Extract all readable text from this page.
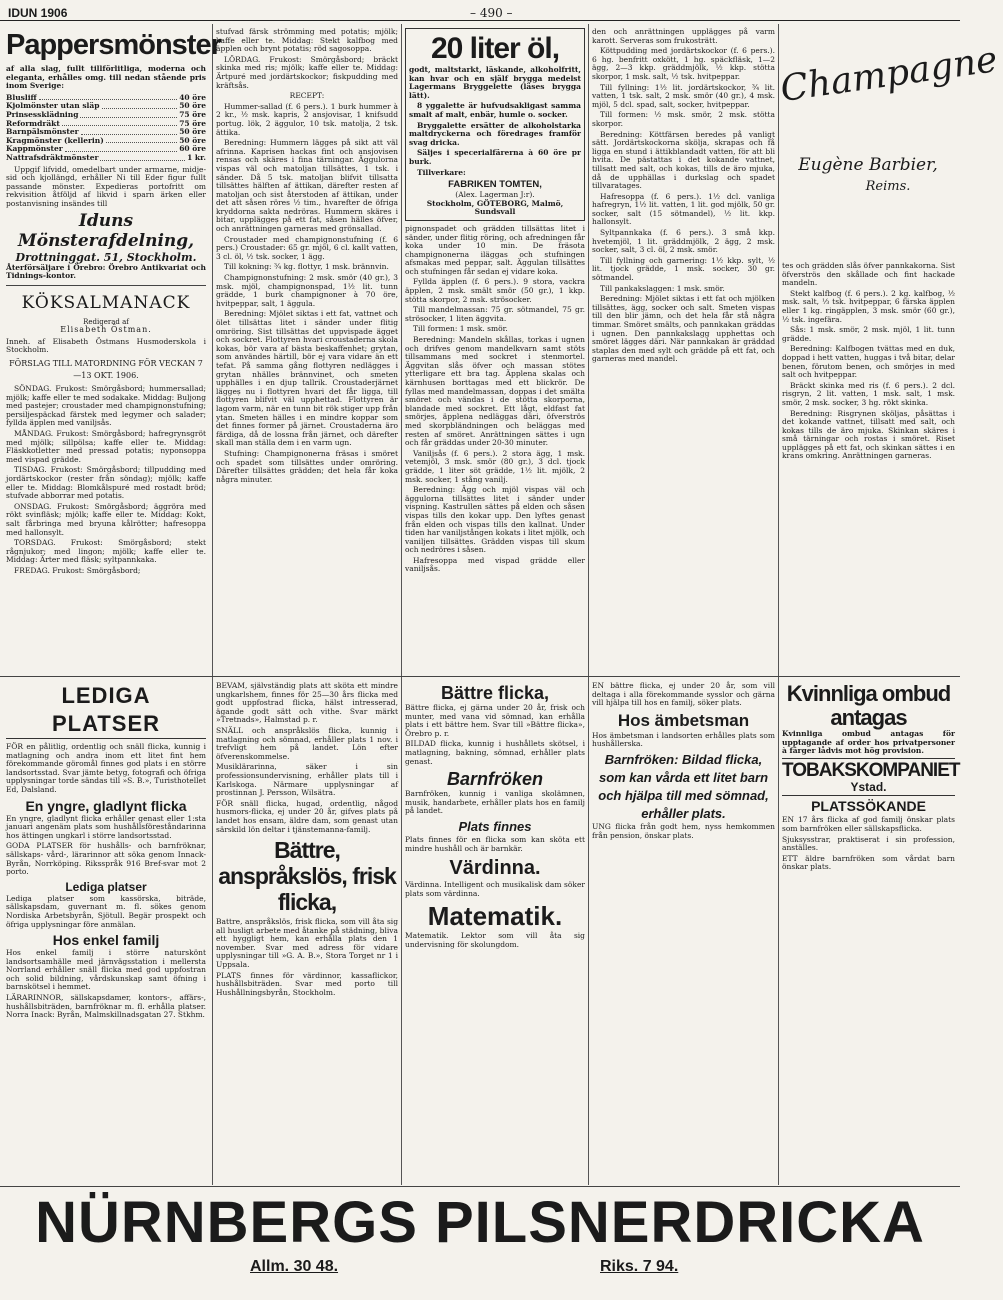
IDUN 1906	– 490 –
Pappersmönster

af alla slag, fullt tillförlitliga, moderna och eleganta, erhålles omg. till nedan stående pris inom Sverige:

Blusliff	40 öre
Kjolmönster utan släp	50 öre
Prinsessklädning	75 öre
Reformdräkt	75 öre
Barnpälsmönster	50 öre
Kragmönster (kellerin)	50 öre
Kappmönster	60 öre
Nattrafsdräktmönster	1 kr.

Uppgif lifvidd, omedelbart under armarne, midje- sid och kjollängd, erhåller Ni till Eder figur fullt passande mönster. Expedieras portofritt om rekvisition åtföljd af likvid i sparn ärken eller postanvisning insändes till

Iduns Mönsterafdelning,
Drottninggat. 51, Stockholm.

Återförsäljare i Örebro: Örebro Antikvariat och Tidnings-kontor.

KÖKSALMANACK
Redigerad af
Elisabeth Östman.

Inneh. af Elisabeth Östmans Husmoderskola i Stockholm.

FÖRSLAG TILL MATORDNING FÖR VECKAN 7—13 OKT. 1906.

SÖNDAG. Frukost: Smörgåsbord; hummersallad; mjölk; kaffe eller te med sodakake. Middag: Buljong med pastejer; croustader med champignonstufning; persiljespäckad färstek med legymer och salader; fyllda äpplen med vaniljsås.

MÅNDAG. Frukost: Smörgåsbord; hafregrynsgröt med mjölk; sillpölsa; kaffe eller te. Middag: Fläskkotletter med pressad potatis; nyponsoppa med vispad grädde.

TISDAG. Frukost: Smörgåsbord; tillpudding med jordärtskockor (rester från söndag); mjölk; kaffe eller te. Middag: Blomkålspuré med rostadt bröd; stufvade abborrar med potatis.

ONSDAG. Frukost: Smörgåsbord; äggröra med rökt svinfläsk; mjölk; kaffe eller te. Middag: Kokt, salt fårbringa med bryuna kålrötter; hafresoppa med hallonsylt.

TORSDAG. Frukost: Smörgåsbord; stekt rågnjukor; med lingon; mjölk; kaffe eller te. Middag: Ärter med fläsk; syltpannkaka.

FREDAG. Frukost: Smörgåsbord;

stufvad färsk strömming med potatis; mjölk; kaffe eller te. Middag: Stekt kalfbog med äpplen och brynt potatis; röd sagosoppa.

LÖRDAG. Frukost: Smörgåsbord; bräckt skinka med ris; mjölk; kaffe eller te. Middag: Ärtpuré med jordärtskockor; fiskpudding med kräftsås.

RECEPT:

Hummer-sallad (f. 6 pers.). 1 burk hummer à 2 kr., ½ msk. kapris, 2 ansjovisar, 1 knifsudd portug. lök, 2 äggulor, 10 tsk. matolja, 2 tsk. ättika.

Beredning: Hummern lägges på sikt att väl afrinna. Kaprisen hackas fint och ansjovisen rensas och skäres i fina tärningar. Äggulorna vispas väl och matoljan tillsättes, 1 tsk. i sänder. Då 5 tsk. matoljan blifvit tillsatta tillsättes hälften af ättikan, därefter resten af matoljan och sist återstoden af ättikan, under det att såsen röres ½ tim., hvarefter de öfriga kryddorna sakta nedröras. Hummern skäres i bitar, uppläggeș på ett fat, såsen hälles öfver, och anrättningen garneras med grönsallad.

Croustader med champignonstufning (f. 6 pers.) Croustader: 65 gr. mjöl, 6 cl. kallt vatten, 3 cl. öl, ½ tsk. socker, 1 ägg.

Till kokning: ¾ kg. flottyr, 1 msk. brännvin.

Champignonstufning: 2 msk. smör (40 gr.), 3 msk. mjöl, champignonspad, 1½ lit. tunn grädde, 1 burk champignoner à 70 öre, hvitpeppar, salt, 1 äggula.

Beredning: Mjölet siktas i ett fat, vattnet och ölet tillsättas litet i sänder under flitig omröring. Sist tillsättas det uppvispade ägget och sockret. Flottyren hvari croustaderna skola kokas, bör vara af bästa beskaffenhet; grytan, som användes härtill, bör ej vara vidare än ett tefat. På samma gång flottyren nedlägges i grytan nhälles brännvinet, och smeten upphälles i en djup tallrik. Croustaderjärnet läggeș nu i flottyren hvari det får ligga, till flottyren blifvit väl upphettad. Flottyren är lagom varm, när en tunn bit rök stiger upp från ytan. Smeten hälles i en mindre koppar som det finnes former på järnet. Croustaderna äro färdiga, då de lossna från järnet, och därefter skall man ställa dem i en varm ugn.

Stufning: Champignonerna fräsas i smöret och spadet som tillsättes under omröring. Därefter tillsättes grädden; det hela får koka några minuter.

20 liter öl,

godt, maltstarkt, läskande, alkoholfritt, kan hvar och en själf brygga medelst Lagermans Bryggelette (läses brygga lätt).

8 yggalette är hufvudsakligast samma smalt af malt, enbär, humle o. socker.

Bryggalette ersätter de alkoholstarka maltdryckerna och föredrages framför svag dricka.

Säljes i specerialfärerna à 60 öre pr burk.

Tillverkare:

FABRIKEN TOMTEN,
(Alex. Lagerman J:r).
Stockholm, GÖTEBORG, Malmö, Sundsvall

pignonspadet och grädden tillsättas litet i sänder, under flitig röring, och afredningen får koka under 10 min. De fräsota champignonerna iläggas och stufningen afsmakas med peppar, salt. Äggulan tillsättes och stufningen får sedan ej vidare koka.

Fyllda äpplen (f. 6 pers.). 9 stora, vackra äpplen, 2 msk. smält smör (50 gr.), 1 kkp. stötta skorpor, 2 msk. strösocker.

Till mandelmassan: 75 gr. sötmandel, 75 gr. strösocker, 1 liten äggvita.

Till formen: 1 msk. smör.

Beredning: Mandeln skållas, torkas i ugnen och drifves genom mandelkvarn samt stöts tillsammans med sockret i stenmortel. Äggvitan slås öfver och massan stötes ytterligare ett bra tag. Äpplena skalas och kärnhusen borttagas med ett blickrör. De fyllas med mandelmassan, doppas i det smälta smöret och vändas i de stötta skorporna, blandade med sockret. Ett lågt, eldfast fat smörjes, äpplena nedläggas däri, öfverströs med skorpbländningen och beläggas med resten af smöret. Anrättningen sättes i ugn och får gräddas under 20-30 minuter.

Vaniljsås (f. 6 pers.). 2 stora ägg, 1 msk. vetemjöl, 3 msk. smör (80 gr.), 3 dcl. tjock grädde, 1 liter söt grädde, 1½ lit. mjölk, 2 msk. socker, 1 stång vanilj.

Beredning: Ägg och mjöl vispas väl och äggulorna tillsättes litet i sänder under vispning. Kastrullen sättes på elden och såsen vispas tills den kokar upp. Den lyftes genast från elden och vispas tills den kallnat. Under tiden har vaniljstången kokats i litet mjölk, och vaniljen tillsättes. Grädden vispas till skum och nedröres i såsen.

Hafresoppa med vispad grädde eller vaniljsås.

den och anrättningen upplägges på varm karott. Serveras som frukosträtt.

Köttpudding med jordärtskockor (f. 6 pers.). 6 hg. benfritt oxkött, 1 hg. späckfläsk, 1—2 ägg, 2—3 kkp. gräddmjölk, ½ kkp. stötta skorpor, 1 msk. salt, ½ tsk. hvitpeppar.

Till fyllning: 1½ lit. jordärtskockor, ¾ lit. vatten, 1 tsk. salt, 2 msk. smör (40 gr.), 4 msk. mjöl, 5 dcl. spad, salt, socker, hvitpeppar.

Till formen: ½ msk. smör, 2 msk. stötta skorpor.

Beredning: Köttfärsen beredes på vanligt sätt. Jordärtskockorna skölja, skrapas och få ligga en stund i ättikblandadt vatten, för att bli hvita. De pästattas i det kokande vattnet, tillsatt med salt, och kokas, tills de äro mjuka, då de upphällas i durkslag och spadet tillvaratages.

Hafresoppa (f. 6 pers.). 1½ dcl. vanliga hafregryn, 1½ lit. vatten, 1 lit. god mjölk, 50 gr. socker, salt (15 sötmandel), ½ lit. kkp. hallonsylt.

Syltpannkaka (f. 6 pers.). 3 små kkp. hvetemjöl, 1 lit. gräddmjölk, 2 ägg, 2 msk. socker, salt, 3 cl. öl, 2 msk. smör.

Till fyllning och garnering: 1½ kkp. sylt, ½ lit. tjock grädde, 1 msk. socker, 30 gr. sötmandel.

Till pankakslaggen: 1 msk. smör.

Beredning: Mjölet siktas i ett fat och mjölken tillsättes, ägg, socker och salt. Smeten vispas till den blir jämn, och det hela får stå några timmar. Smöret smälts, och pannkakan gräddas i ugnen. Den pannkakslagg upphettas och smöret lägges däri. När pannkakan är gräddad staplas den med sylt och grädde på ett fat, och garneras med mandel.

Champagne
Eugène Barbier,
Reims.

tes och grädden slås öfver pannkakorna. Sist öfverströs den skållade och fint hackade mandeln.

Stekt kalfbog (f. 6 pers.). 2 kg. kalfbog, ½ msk. salt, ⅓ tsk. hvitpeppar, 6 färska äpplen eller 1 kg. ringäpplen, 3 msk. smör (60 gr.), ½ tsk. ingefära.

Sås: 1 msk. smör, 2 msk. mjöl, 1 lit. tunn grädde.

Beredning: Kalfbogen tvättas med en duk, doppad i hett vatten, huggas i två bitar, delar benen, förutom benen, och smörjes in med salt och hvitpeppar.

Bräckt skinka med ris (f. 6 pers.). 2 dcl. risgryn, 2 lit. vatten, 1 msk. salt, 1 msk. smör, 2 msk. socker, 3 hg. rökt skinka.

Beredning: Risgrynen sköljas, påsättas i det kokande vattnet, tillsatt med salt, och kokas tills de äro mjuka. Skinkan skäres i små tärningar och rostas i smöret. Riset upplägges på ett fat, och skinkan sättes i en krans omkring. Anrättningen garneras.

LEDIGA PLATSER

FÖR en pålitlig, ordentlig och snäll flicka, kunnig i matlagning och andra inom ett litet fint hem förekommande göromål finnes god plats i en större landsortsstad. Svar jämte betyg, fotografi och öfriga upplysningar torde sändas till »S. B.», Turisthotellet Ed, Dalsland.

En yngre, gladlynt flicka

En yngre, gladlynt flicka erhåller genast eller 1:sta januari angenäm plats som hushållsföreståndarinna hos ättingen ungkarl i större landsortsstad.

GODA PLATSER för hushålls- och barnfröknar, sällskaps- vård-, lärarinnor att söka genom Innack-Byrån, Norrköping. Riksspråk 916 Bref-svar mot 2 porto.

Lediga platser

Lediga platser som kassörska, biträde, sällskapsdam, guvernant m. fl. sökes genom Nordiska Arbetsbyrån, Sjötull. Begär prospekt och öfriga upplysningar före anmälan.

Hos enkel familj

Hos enkel familj i större naturskönt landsortsamhälle med järnvägsstation i mellersta Norrland erhåller snäll flicka med god uppfostran och solid bildning, vårdskunskap samt öfning i barnskötsel i hemmet.

LÄRARINNOR, sällskapsdamer, kontors-, affärs-, hushållsbiträden, barnfröknar m. fl. erhålla platser. Norra Inack: Byrån, Malmskillnadsgatan 27. Stkhm.

BEVAM, självständig plats att sköta ett mindre ungkarlshem, finnes för 25—30 års flicka med godt uppfostrad flicka, hälst intresserad, ägande godt sätt och vithe. Svar märkt »Tretnads», Halmstad p. r.

SNÄLL och anspråkslös flicka, kunnig i matlagning och sömnad, erhåller plats 1 nov. i trefvligt hem på landet. Lön efter öfverenskommelse.

Musiklärarinna, säker i sin professionsundervisning, erhåller plats till i Karlskoga. Närmare upplysningar af prostinnan J. Persson, Wilsätra.

FÖR snäll flicka, hugad, ordentlig, någod husmors-flicka, ej under 20 år, gifves plats på landet hos ensam, äldre dam, som genast utan särskild lön deltar i tjänstemanna-familj.

Bättre, anspråkslös, frisk flicka,

Battre, anspråkslös, frisk flicka, som vill åta sig all husligt arbete med åtanke på städning, bliva ett hyggligt hem, kan erhålla plats den 1 november. Svar med adress för vidare upplysningar till »G. A. B.», Stora Torget nr 1 i Uppsala.

PLATS finnes för värdinnor, kassaflickor, hushållsbiträden. Svar med porto till Hushållningsbyrån, Stockholm.

Bättre flicka,

Bättre flicka, ej gärna under 20 år, frisk och munter, med vana vid sömnad, kan erhålla plats i ett bättre hem. Svar till »Bättre flicka», Örebro p. r.

BILDAD flicka, kunnig i hushållets skötsel, i matlagning, bakning, sömnad, erhåller plats genast.

Barnfröken

Barnfröken, kunnig i vanliga skolämnen, musik, handarbete, erhåller plats hos en familj på landet.

Plats finnes

Plats finnes för en flicka som kan sköta ett mindre hushåll och är barnkär.

Värdinna.

Värdinna. Intelligent och musikalisk dam söker plats som värdinna.

Matematik.

Matematik. Lektor som vill åta sig undervisning för skolungdom.

EN bättre flicka, ej under 20 år, som vill deltaga i alla förekommande sysslor och gärna vill hjälpa till hos en familj, söker plats.

Hos ämbetsman

Hos ämbetsman i landsorten erhålles plats som hushållerska.

Barnfröken: Bildad flicka, som kan vårda ett litet barn och hjälpa till med sömnad, erhåller plats.

UNG flicka från godt hem, nyss hemkommen från pension, önskar plats.

Kvinnliga ombud antagas

Kvinnliga ombud antagas för upptagande af order hos privatpersoner à färger lådvis mot hög provision.

TOBAKSKOMPANIET
Ystad.
PLATSSÖKANDE

EN 17 års flicka af god familj önskar plats som barnfröken eller sällskapsflicka.

Sjuksysstrar, praktiserat i sin profession, anställes.

ETT äldre barnfröken som vårdat barn önskar plats.

NÜRNBERGS PILSNERDRICKA
Allm. 30 48.	Riks. 7 94.
